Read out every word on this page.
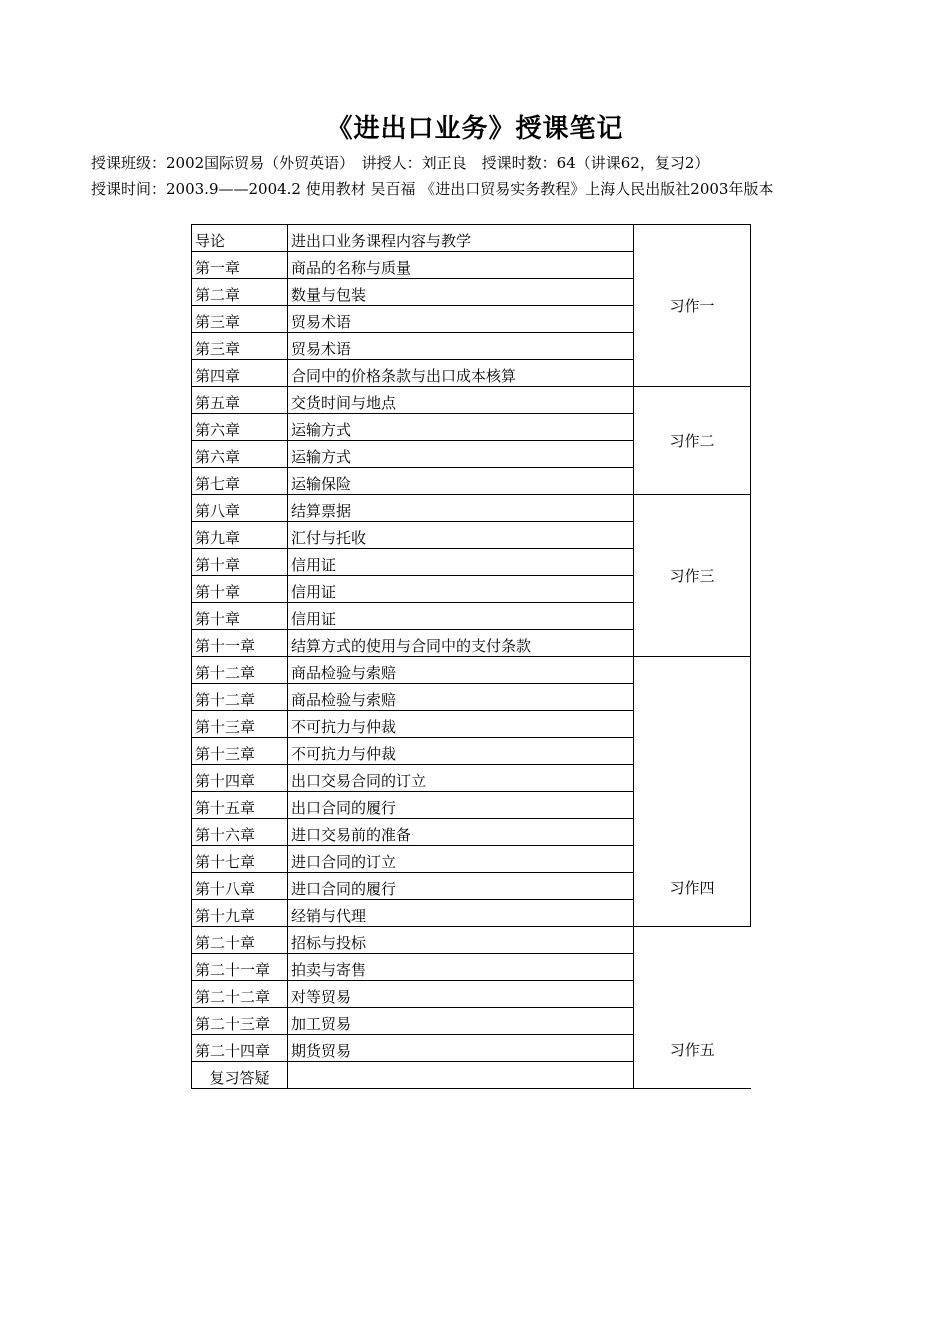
《进出口业务》授课笔记
授课班级：2002国际贸易（外贸英语）　讲授人：刘正良　授课时数：64（讲课62，复习2）
授课时间：2003.9——2004.2 使用教材 吴百福 《进出口贸易实务教程》上海人民出版社2003年版本
导论	进出口业务课程内容与教学	习作一
第一章	商品的名称与质量	
第二章	数量与包装	
第三章	贸易术语	
第三章	贸易术语	
第四章	合同中的价格条款与出口成本核算	
第五章	交货时间与地点	习作二
第六章	运输方式	
第六章	运输方式	
第七章	运输保险	
第八章	结算票据	习作三
第九章	汇付与托收	
第十章	信用证	
第十章	信用证	
第十章	信用证	
第十一章	结算方式的使用与合同中的支付条款	
第十二章	商品检验与索赔	习作四
第十二章	商品检验与索赔	
第十三章	不可抗力与仲裁	
第十三章	不可抗力与仲裁	
第十四章	出口交易合同的订立	
第十五章	出口合同的履行	
第十六章	进口交易前的准备	
第十七章	进口合同的订立	
第十八章	进口合同的履行	
第十九章	经销与代理	
第二十章	招标与投标	习作五
第二十一章	拍卖与寄售	
第二十二章	对等贸易	
第二十三章	加工贸易	
第二十四章	期货贸易	
复习答疑		
